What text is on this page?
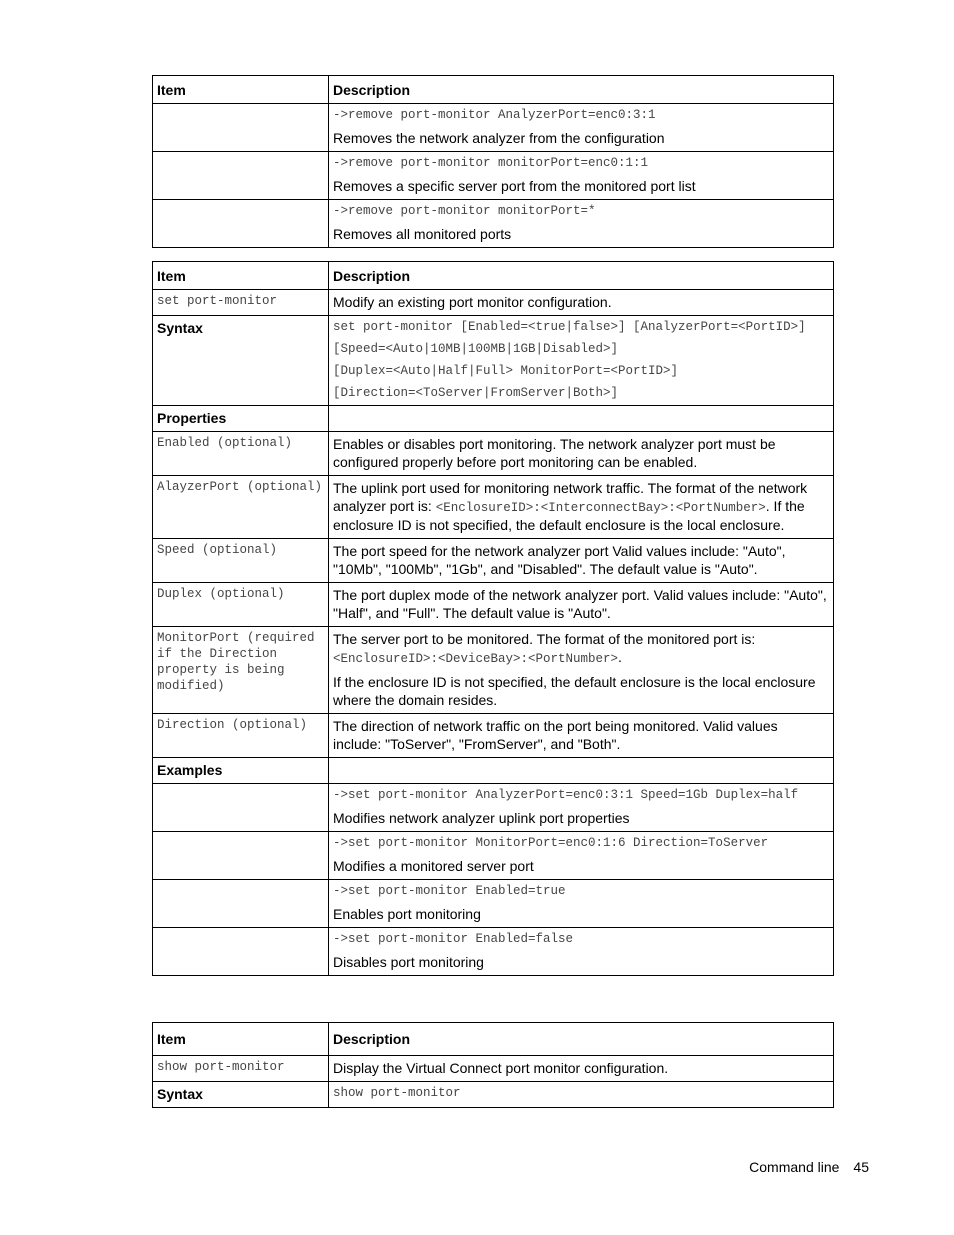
Item	Description

	->remove port-monitor AnalyzerPort=enc0:3:1
Removes the network analyzer from the configuration

	->remove port-monitor monitorPort=enc0:1:1
Removes a specific server port from the monitored port list

	->remove port-monitor monitorPort=*
Removes all monitored ports
Item	Description
set port-monitor	Modify an existing port monitor configuration.
Syntax	set port-monitor [Enabled=<true|false>] [AnalyzerPort=<PortID>]

[Speed=<Auto|10MB|100MB|1GB|Disabled>]

[Duplex=<Auto|Half|Full> MonitorPort=<PortID>]

[Direction=<ToServer|FromServer|Both>]

Properties	
Enabled (optional)	Enables or disables port monitoring. The network analyzer port must be configured properly before port monitoring can be enabled.
AlayzerPort (optional)	The uplink port used for monitoring network traffic. The format of the network analyzer port is: <EnclosureID>:<InterconnectBay>:<PortNumber>. If the enclosure ID is not specified, the default enclosure is the local enclosure.
Speed (optional)	The port speed for the network analyzer port Valid values include: "Auto", "10Mb", "100Mb", "1Gb", and "Disabled". The default value is "Auto".
Duplex (optional)	The port duplex mode of the network analyzer port. Valid values include: "Auto", "Half", and "Full". The default value is "Auto".
MonitorPort (required if the Direction property is being modified)	The server port to be monitored. The format of the monitored port is:
<EnclosureID>:<DeviceBay>:<PortNumber>.

If the enclosure ID is not specified, the default enclosure is the local enclosure where the domain resides.

Direction (optional)	The direction of network traffic on the port being monitored. Valid values include: "ToServer", "FromServer", and "Both".
Examples	

	->set port-monitor AnalyzerPort=enc0:3:1 Speed=1Gb Duplex=half
Modifies network analyzer uplink port properties

	->set port-monitor MonitorPort=enc0:1:6 Direction=ToServer
Modifies a monitored server port

	->set port-monitor Enabled=true
Enables port monitoring

	->set port-monitor Enabled=false
Disables port monitoring
Item	Description
show port-monitor	Display the Virtual Connect port monitor configuration.
Syntax	show port-monitor
Command line 45
